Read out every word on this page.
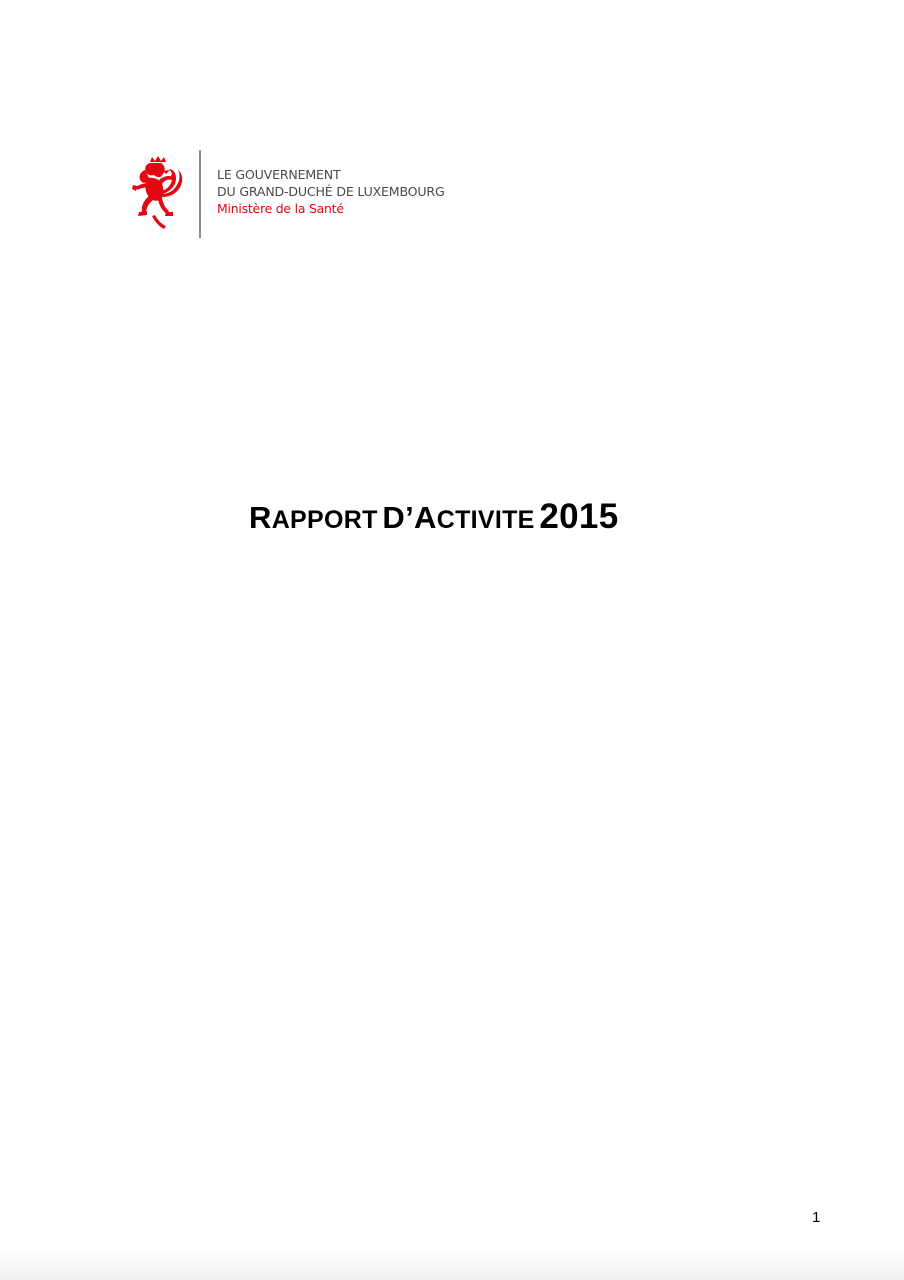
LE GOUVERNEMENT
DU GRAND-DUCHÉ DE LUXEMBOURG
Ministère de la Santé
RAPPORT D’ACTIVITE 2015
1
